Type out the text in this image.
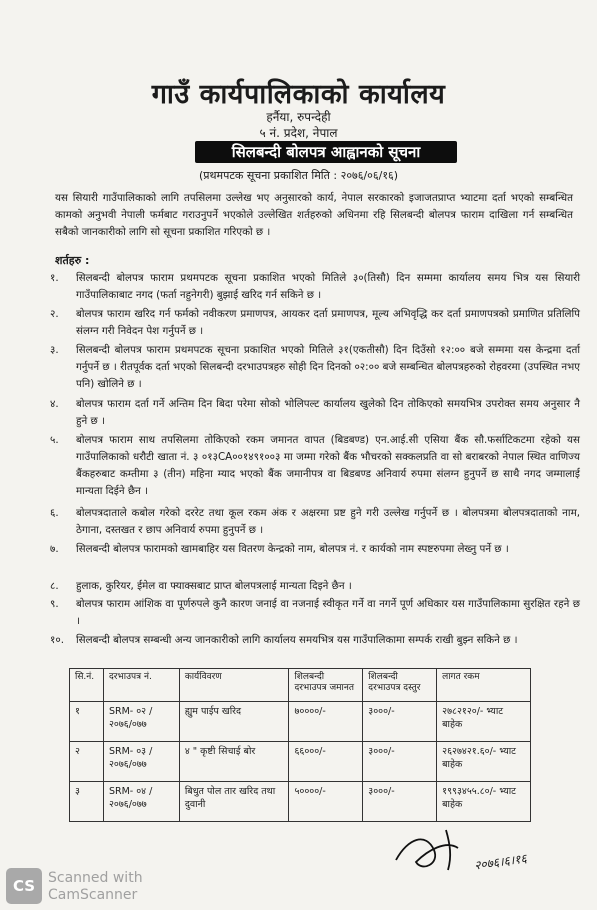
गाउँ कार्यपालिकाको कार्यालय
हर्नैया, रुपन्देही
५ नं. प्रदेश, नेपाल
सिलबन्दी बोलपत्र आह्वानको सूचना
(प्रथमपटक सूचना प्रकाशित मिति : २०७६/०६/१६)
यस सियारी गाउँपालिकाको लागि तपसिलमा उल्लेख भए अनुसारको कार्य, नेपाल सरकारको इजाजतप्राप्त भ्याटमा दर्ता भएको सम्बन्धित कामको अनुभवी नेपाली फर्मबाट गराउनुपर्ने भएकोले उल्लेखित शर्तहरुको अधिनमा रहि सिलबन्दी बोलपत्र फाराम दाखिला गर्न सम्बन्धित सबैको जानकारीको लागि सो सूचना प्रकाशित गरिएको छ ।
शर्तहरु :
१.	सिलबन्दी बोलपत्र फाराम प्रथमपटक सूचना प्रकाशित भएको मितिले ३०(तिसौ) दिन सम्ममा कार्यालय समय भित्र यस सियारी गाउँपालिकाबाट नगद (फर्ता नहुनेगरी) बुझाई खरिद गर्न सकिने छ ।
२.	बोलपत्र फाराम खरिद गर्न फर्मको नवीकरण प्रमाणपत्र, आयकर दर्ता प्रमाणपत्र, मूल्य अभिवृद्धि कर दर्ता प्रमाणपत्रको प्रमाणित प्रतिलिपि संलग्न गरी निवेदन पेश गर्नुपर्ने छ ।
३.	सिलबन्दी बोलपत्र फाराम प्रथमपटक सूचना प्रकाशित भएको मितिले ३१(एकतीसौ) दिन दिउँसो १२:०० बजे सम्ममा यस केन्द्रमा दर्ता गर्नुपर्ने छ । रीतपूर्वक दर्ता भएको सिलबन्दी दरभाउपत्रहरु सोही दिन दिनको ०२:०० बजे सम्बन्धित बोलपत्रहरुको रोहवरमा (उपस्थित नभए पनि) खोलिने छ ।
४.	बोलपत्र फाराम दर्ता गर्ने अन्तिम दिन बिदा परेमा सोको भोलिपल्ट कार्यालय खुलेको दिन तोकिएको समयभित्र उपरोक्त समय अनुसार नै हुने छ ।
५.	बोलपत्र फाराम साथ तपसिलमा तोकिएको रकम जमानत वापत (बिडबण्ड) एन.आई.सी एसिया बैंक सौ.फर्साटिकटमा रहेको यस गाउँपालिकाको धरौटी खाता नं. ३ ०१३CA००१४९१००३ मा जम्मा गरेको बैंक भौचरको सक्कलप्रति वा सो बराबरको नेपाल स्थित वाणिज्य बैंकहरुबाट कम्तीमा ३ (तीन) महिना म्याद भएको बैंक जमानीपत्र वा बिडबण्ड अनिवार्य रुपमा संलग्न हुनुपर्ने छ साथै नगद जम्मालाई मान्यता दिईने छैन ।
६.	बोलपत्रदाताले कबोल गरेको दररेट तथा कूल रकम अंक र अक्षरमा प्रष्ट हुने गरी उल्लेख गर्नुपर्ने छ । बोलपत्रमा बोलपत्रदाताको नाम, ठेगाना, दस्तखत र छाप अनिवार्य रुपमा हुनुपर्ने छ ।
७.	सिलबन्दी बोलपत्र फारामको खामबाहिर यस वितरण केन्द्रको नाम, बोलपत्र नं. र कार्यको नाम स्पष्टरुपमा लेख्नु पर्ने छ ।
८.	हुलाक, कुरियर, ईमेल वा फ्याक्सबाट प्राप्त बोलपत्रलाई मान्यता दिइने छैन ।
९.	बोलपत्र फाराम आंशिक वा पूर्णरुपले कुनै कारण जनाई वा नजनाई स्वीकृत गर्ने वा नगर्ने पूर्ण अधिकार यस गाउँपालिकामा सुरक्षित रहने छ ।
१०.	सिलबन्दी बोलपत्र सम्बन्धी अन्य जानकारीको लागि कार्यालय समयभित्र यस गाउँपालिकामा सम्पर्क राखी बुझ्न सकिने छ ।
सि.नं.	दरभाउपत्र नं.	कार्यविवरण	शिलबन्दी दरभाउपत्र जमानत	शिलबन्दी दरभाउपत्र दस्तुर	लागत रकम
१	SRM- ०२ /२०७६/०७७	ह्युम पाईप खरिद	७००००/-	३०००/-	२७८२१२०/- भ्याट बाहेक
२	SRM- ०३ /२०७६/०७७	४ " कृष्टी सिचाई बोर	६६०००/-	३०००/-	२६२७४२१.६०/- भ्याट बाहेक
३	SRM- ०४ /२०७६/०७७	बिधुत पोल तार खरिद तथा दुवानी	५००००/-	३०००/-	१९९३४५५.८०/- भ्याट बाहेक
२०७६।६।१६
CS Scanned with
CamScanner
